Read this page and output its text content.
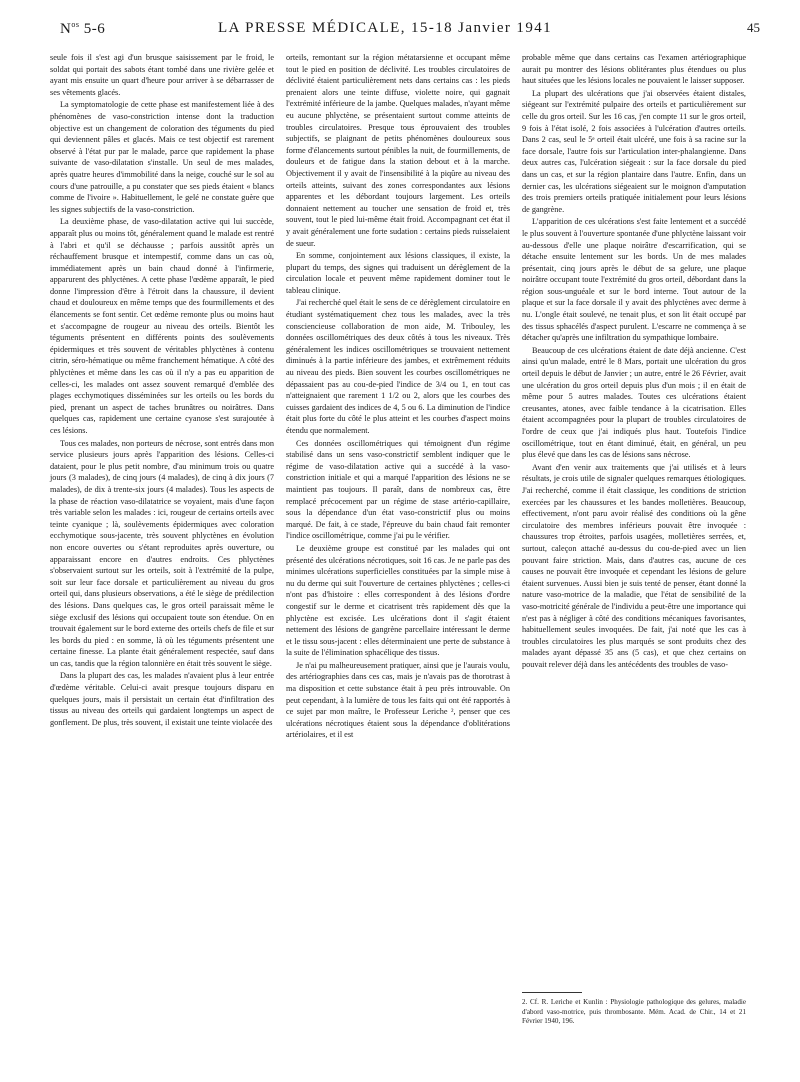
$N^{os}$ 5-6	LA PRESSE MÉDICALE, 15-18 Janvier 1941	45

seule fois il s'est agi d'un brusque saisissement par le froid, le soldat qui portait des sabots étant tombé dans une rivière gelée et ayant mis ensuite un quart d'heure pour arriver à se débarrasser de ses vêtements glacés.

La symptomatologie de cette phase est manifestement liée à des phénomènes de vaso-constriction intense dont la traduction objective est un changement de coloration des téguments du pied qui deviennent pâles et glacés. Mais ce test objectif est rarement observé à l'état pur par le malade, parce que rapidement la phase suivante de vaso-dilatation s'installe. Un seul de mes malades, après quatre heures d'immobilité dans la neige, couché sur le sol au cours d'une patrouille, a pu constater que ses pieds étaient « blancs comme de l'ivoire ». Habituellement, le gelé ne constate guère que les signes subjectifs de la vaso-constriction.

La deuxième phase, de vaso-dilatation active qui lui succède, apparaît plus ou moins tôt, généralement quand le malade est rentré à l'abri et qu'il se déchausse ; parfois aussitôt après un réchauffement brusque et intempestif, comme dans un cas où, immédiatement après un bain chaud donné à l'infirmerie, apparurent des phlyctènes. A cette phase l'œdème apparaît, le pied donne l'impression d'être à l'étroit dans la chaussure, il devient chaud et douloureux en même temps que des fourmillements et des élancements se font sentir. Cet œdème remonte plus ou moins haut et s'accompagne de rougeur au niveau des orteils. Bientôt les téguments présentent en différents points des soulèvements épidermiques et très souvent de véritables phlyctènes à contenu citrin, séro-hématique ou même franchement hématique. A côté des phlyctènes et même dans les cas où il n'y a pas eu apparition de celles-ci, les malades ont assez souvent remarqué d'emblée des plages ecchymotiques disséminées sur les orteils ou les bords du pied, prenant un aspect de taches brunâtres ou noirâtres. Dans quelques cas, rapidement une certaine cyanose s'est surajoutée à ces lésions.

Tous ces malades, non porteurs de nécrose, sont entrés dans mon service plusieurs jours après l'apparition des lésions. Celles-ci dataient, pour le plus petit nombre, d'au minimum trois ou quatre jours (3 malades), de cinq jours (4 malades), de cinq à dix jours (7 malades), de dix à trente-six jours (4 malades). Tous les aspects de la phase de réaction vaso-dilatatrice se voyaient, mais d'une façon très variable selon les malades : ici, rougeur de certains orteils avec teinte cyanique ; là, soulèvements épidermiques avec coloration ecchymotique sous-jacente, très souvent phlyctènes en évolution non encore ouvertes ou s'étant reproduites après ouverture, ou apparaissant encore en d'autres endroits. Ces phlyctènes s'observaient surtout sur les orteils, soit à l'extrémité de la pulpe, soit sur leur face dorsale et particulièrement au niveau du gros orteil qui, dans plusieurs observations, a été le siège de prédilection des lésions. Dans quelques cas, le gros orteil paraissait même le siège exclusif des lésions qui occupaient toute son étendue. On en trouvait également sur le bord externe des orteils chefs de file et sur les bords du pied : en somme, là où les téguments présentent une certaine finesse. La plante était généralement respectée, sauf dans un cas, tandis que la région talonnière en était très souvent le siège.

Dans la plupart des cas, les malades n'avaient plus à leur entrée d'œdème véritable. Celui-ci avait presque toujours disparu en quelques jours, mais il persistait un certain état d'infiltration des tissus au niveau des orteils qui gardaient longtemps un aspect de gonflement. De plus, très souvent, il existait une teinte violacée des

orteils, remontant sur la région métatarsienne et occupant même tout le pied en position de déclivité. Les troubles circulatoires de déclivité étaient particulièrement nets dans certains cas : les pieds prenaient alors une teinte diffuse, violette noire, qui gagnait l'extrémité inférieure de la jambe. Quelques malades, n'ayant même eu aucune phlyctène, se présentaient surtout comme atteints de troubles circulatoires. Presque tous éprouvaient des troubles subjectifs, se plaignant de petits phénomènes douloureux sous forme d'élancements surtout pénibles la nuit, de fourmillements, de douleurs et de fatigue dans la station debout et à la marche. Objectivement il y avait de l'insensibilité à la piqûre au niveau des orteils atteints, suivant des zones correspondantes aux lésions apparentes et les débordant toujours largement. Les orteils donnaient nettement au toucher une sensation de froid et, très souvent, tout le pied lui-même était froid. Accompagnant cet état il y avait généralement une forte sudation : certains pieds ruisselaient de sueur.

En somme, conjointement aux lésions classiques, il existe, la plupart du temps, des signes qui traduisent un dérèglement de la circulation locale et peuvent même rapidement dominer tout le tableau clinique.

J'ai recherché quel était le sens de ce dérèglement circulatoire en étudiant systématiquement chez tous les malades, avec la très consciencieuse collaboration de mon aide, M. Tribouley, les données oscillométriques des deux côtés à tous les niveaux. Très généralement les indices oscillométriques se trouvaient nettement diminués à la partie inférieure des jambes, et extrêmement réduits au niveau des pieds. Bien souvent les courbes oscillométriques ne dépassaient pas au cou-de-pied l'indice de 3/4 ou 1, en tout cas n'atteignaient que rarement 1 1/2 ou 2, alors que les courbes des cuisses gardaient des indices de 4, 5 ou 6. La diminution de l'indice était plus forte du côté le plus atteint et les courbes d'aspect moins étendu que normalement.

Ces données oscillométriques qui témoignent d'un régime stabilisé dans un sens vaso-constrictif semblent indiquer que le régime de vaso-dilatation active qui a succédé à la vaso-constriction initiale et qui a marqué l'apparition des lésions ne se maintient pas toujours. Il paraît, dans de nombreux cas, être remplacé précocement par un régime de stase artério-capillaire, sous la dépendance d'un état vaso-constrictif plus ou moins marqué. De fait, à ce stade, l'épreuve du bain chaud fait remonter l'indice oscillométrique, comme j'ai pu le vérifier.

Le deuxième groupe est constitué par les malades qui ont présenté des ulcérations nécrotiques, soit 16 cas. Je ne parle pas des minimes ulcérations superficielles constituées par la simple mise à nu du derme qui suit l'ouverture de certaines phlyctènes ; celles-ci n'ont pas d'histoire : elles correspondent à des lésions d'ordre congestif sur le derme et cicatrisent très rapidement dès que la phlyctène est excisée. Les ulcérations dont il s'agit étaient nettement des lésions de gangrène parcellaire intéressant le derme et le tissu sous-jacent : elles déterminaient une perte de substance à la suite de l'élimination sphacélique des tissus.

Je n'ai pu malheureusement pratiquer, ainsi que je l'aurais voulu, des artériographies dans ces cas, mais je n'avais pas de thorotrast à ma disposition et cette substance était à peu près introuvable. On peut cependant, à la lumière de tous les faits qui ont été rapportés à ce sujet par mon maître, le Professeur Leriche ², penser que ces ulcérations nécrotiques étaient sous la dépendance d'oblitérations artériolaires, et il est

probable même que dans certains cas l'examen artériographique aurait pu montrer des lésions oblitérantes plus étendues ou plus haut situées que les lésions locales ne pouvaient le laisser supposer.

La plupart des ulcérations que j'ai observées étaient distales, siégeant sur l'extrémité pulpaire des orteils et particulièrement sur celle du gros orteil. Sur les 16 cas, j'en compte 11 sur le gros orteil, 9 fois à l'état isolé, 2 fois associées à l'ulcération d'autres orteils. Dans 2 cas, seul le 5ᵉ orteil était ulcéré, une fois à sa racine sur la face dorsale, l'autre fois sur l'articulation inter-phalangienne. Dans deux autres cas, l'ulcération siégeait : sur la face dorsale du pied dans un cas, et sur la région plantaire dans l'autre. Enfin, dans un dernier cas, les ulcérations siégeaient sur le moignon d'amputation des trois premiers orteils pratiquée initialement pour leurs lésions de gangrène.

L'apparition de ces ulcérations s'est faite lentement et a succédé le plus souvent à l'ouverture spontanée d'une phlyctène laissant voir au-dessous d'elle une plaque noirâtre d'escarrification, qui se détache ensuite lentement sur les bords. Un de mes malades présentait, cinq jours après le début de sa gelure, une plaque noirâtre occupant toute l'extrémité du gros orteil, débordant dans la région sous-unguéale et sur le bord interne. Tout autour de la plaque et sur la face dorsale il y avait des phlyctènes avec derme à nu. L'ongle était soulevé, ne tenait plus, et son lit était occupé par des tissus sphacélés d'aspect purulent. L'escarre ne commença à se détacher qu'après une infiltration du sympathique lombaire.

Beaucoup de ces ulcérations étaient de date déjà ancienne. C'est ainsi qu'un malade, entré le 8 Mars, portait une ulcération du gros orteil depuis le début de Janvier ; un autre, entré le 26 Février, avait une ulcération du gros orteil depuis plus d'un mois ; il en était de même pour 5 autres malades. Toutes ces ulcérations étaient creusantes, atones, avec faible tendance à la cicatrisation. Elles étaient accompagnées pour la plupart de troubles circulatoires de l'ordre de ceux que j'ai indiqués plus haut. Toutefois l'indice oscillométrique, tout en étant diminué, était, en général, un peu plus élevé que dans les cas de lésions sans nécrose.

Avant d'en venir aux traitements que j'ai utilisés et à leurs résultats, je crois utile de signaler quelques remarques étiologiques. J'ai recherché, comme il était classique, les conditions de striction exercées par les chaussures et les bandes molletières. Beaucoup, effectivement, n'ont paru avoir réalisé des conditions où la gêne circulatoire des membres inférieurs pouvait être invoquée : chaussures trop étroites, parfois usagées, molletières serrées, et, surtout, caleçon attaché au-dessus du cou-de-pied avec un lien pouvant faire striction. Mais, dans d'autres cas, aucune de ces causes ne pouvait être invoquée et cependant les lésions de gelure étaient survenues. Aussi bien je suis tenté de penser, étant donné la nature vaso-motrice de la maladie, que l'état de sensibilité de la vaso-motricité générale de l'individu a peut-être une importance qui n'est pas à négliger à côté des conditions mécaniques favorisantes, habituellement seules invoquées. De fait, j'ai noté que les cas à troubles circulatoires les plus marqués se sont produits chez des malades ayant dépassé 35 ans (5 cas), et que chez certains on pouvait relever déjà dans les antécédents des troubles de vaso-

2. Cf. R. Leriche et Kunlin : Physiologie pathologique des gelures, maladie d'abord vaso-motrice, puis thrombosante. Mém. Acad. de Chir., 14 et 21 Février 1940, 196.
